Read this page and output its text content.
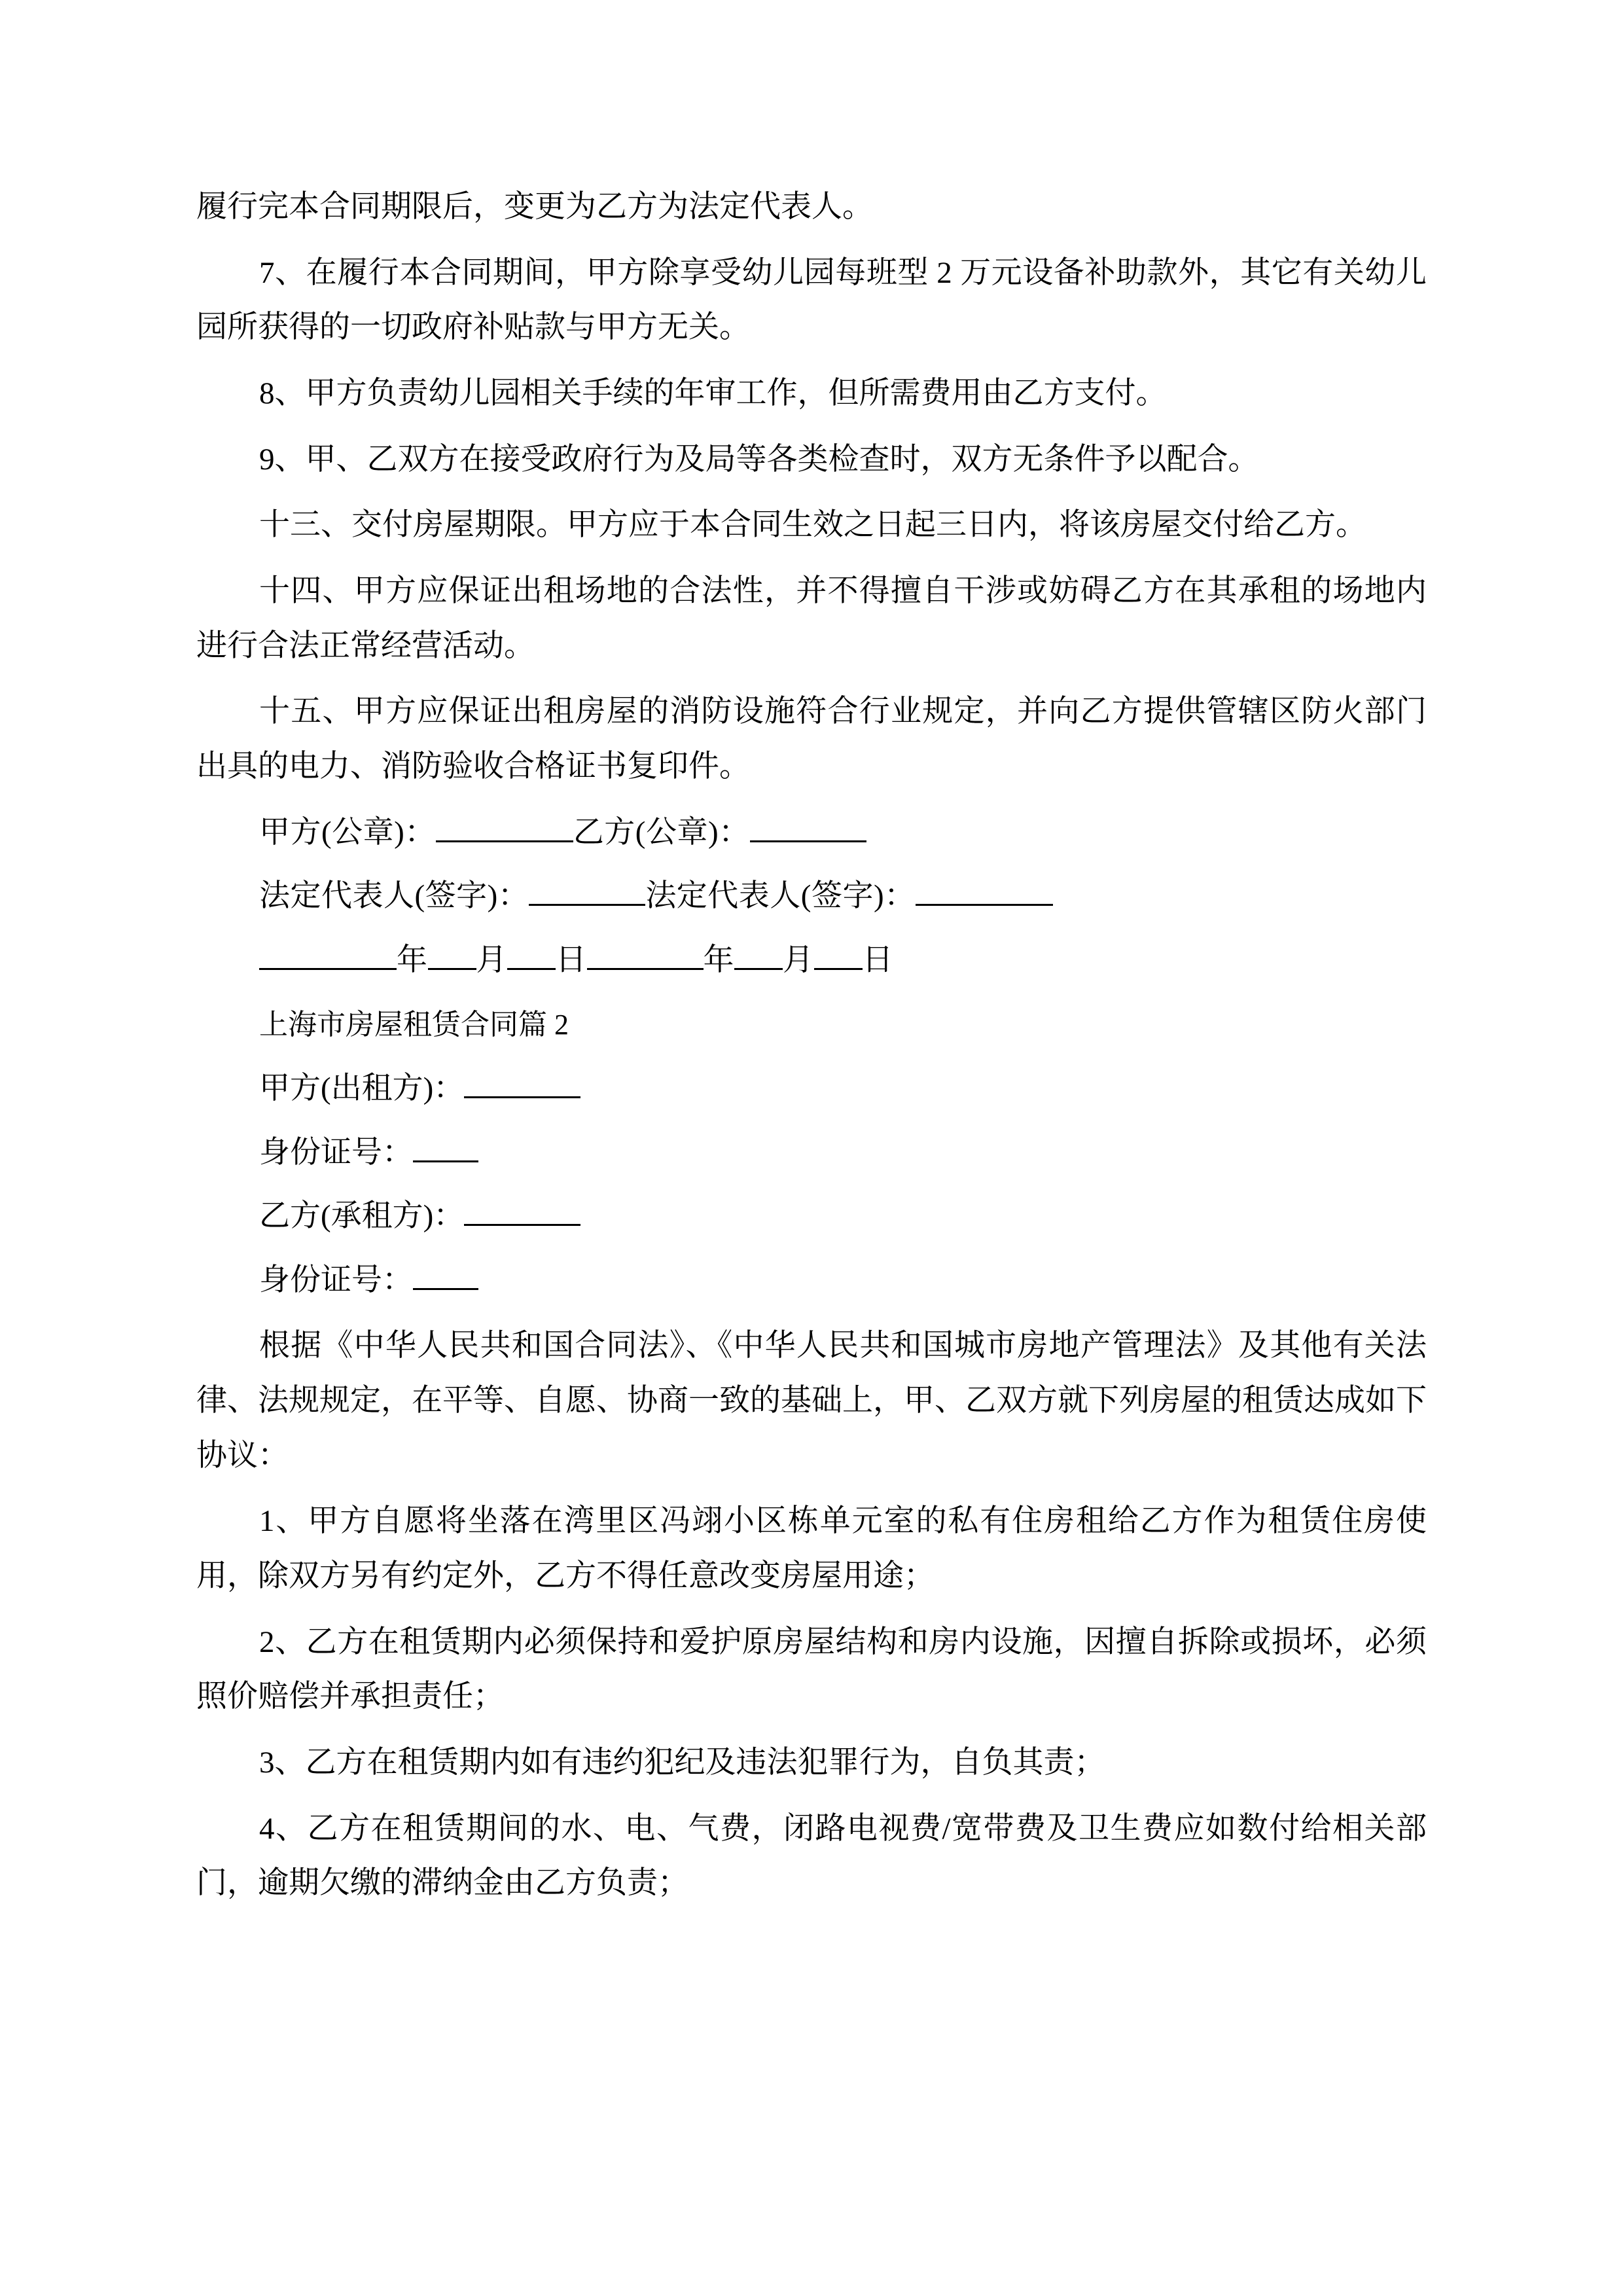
履行完本合同期限后，变更为乙方为法定代表人。

7、在履行本合同期间，甲方除享受幼儿园每班型 2 万元设备补助款外，其它有关幼儿园所获得的一切政府补贴款与甲方无关。

8、甲方负责幼儿园相关手续的年审工作，但所需费用由乙方支付。

9、甲、乙双方在接受政府行为及局等各类检查时，双方无条件予以配合。

十三、交付房屋期限。甲方应于本合同生效之日起三日内，将该房屋交付给乙方。

十四、甲方应保证出租场地的合法性，并不得擅自干涉或妨碍乙方在其承租的场地内进行合法正常经营活动。

十五、甲方应保证出租房屋的消防设施符合行业规定，并向乙方提供管辖区防火部门出具的电力、消防验收合格证书复印件。

甲方(公章)：	乙方(公章)：

法定代表人(签字)：	法定代表人(签字)：

年 月 日	年 月 日

上海市房屋租赁合同篇 2

甲方(出租方)：

身份证号：

乙方(承租方)：

身份证号：

根据《中华人民共和国合同法》、《中华人民共和国城市房地产管理法》及其他有关法律、法规规定，在平等、自愿、协商一致的基础上，甲、乙双方就下列房屋的租赁达成如下协议：

1、甲方自愿将坐落在湾里区冯翊小区栋单元室的私有住房租给乙方作为租赁住房使用，除双方另有约定外，乙方不得任意改变房屋用途；

2、乙方在租赁期内必须保持和爱护原房屋结构和房内设施，因擅自拆除或损坏，必须照价赔偿并承担责任；

3、乙方在租赁期内如有违约犯纪及违法犯罪行为，自负其责；

4、乙方在租赁期间的水、电、气费，闭路电视费/宽带费及卫生费应如数付给相关部门，逾期欠缴的滞纳金由乙方负责；
